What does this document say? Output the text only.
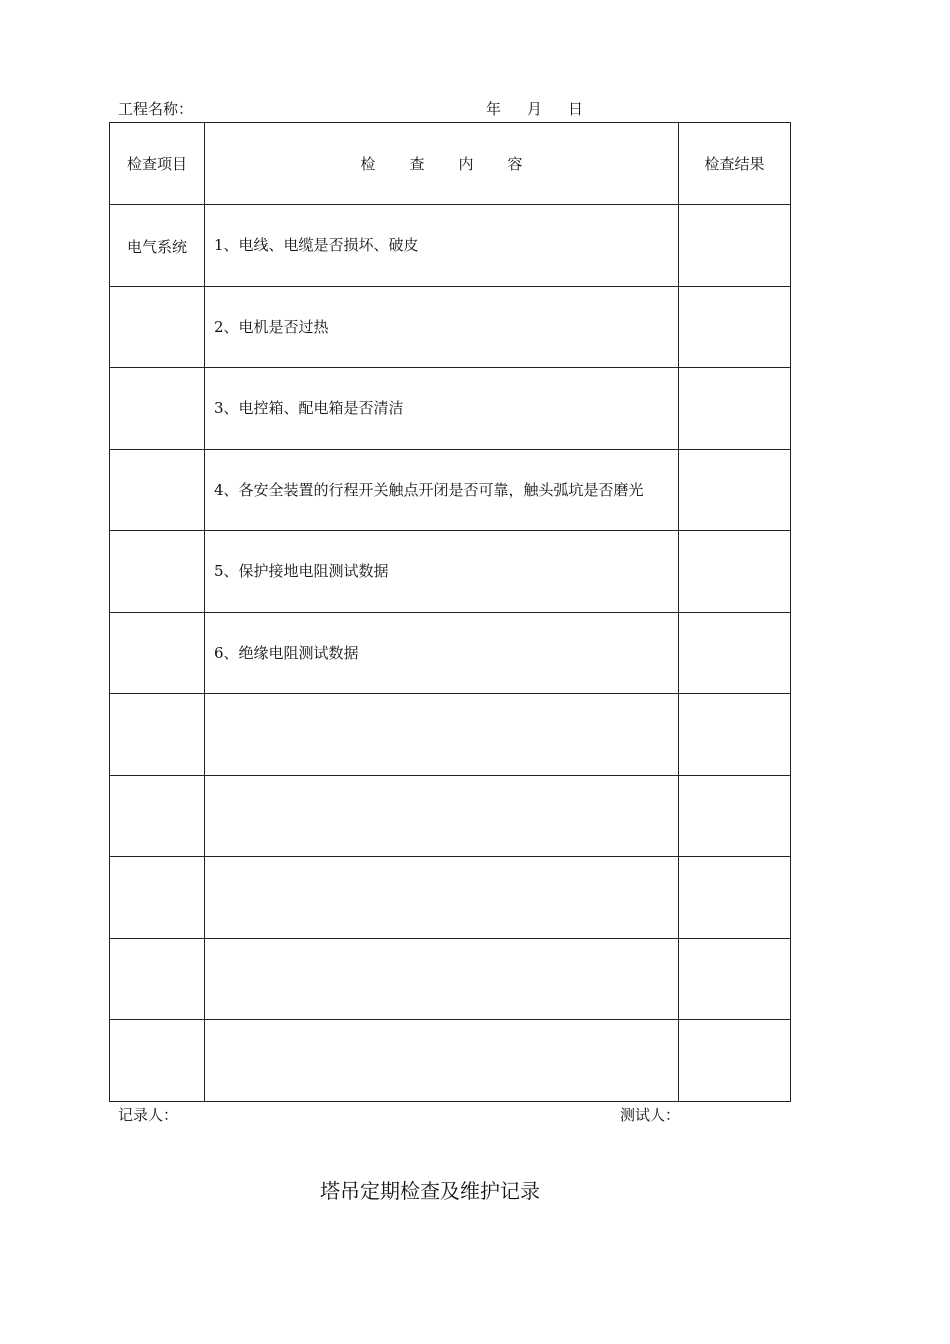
工程名称：	年 月 日
检查项目	检 查 内 容	检查结果
电气系统	1、电线、电缆是否损坏、破皮	
	2、电机是否过热	
	3、电控箱、配电箱是否清洁	
	4、各安全装置的行程开关触点开闭是否可靠，触头弧坑是否磨光	
	5、保护接地电阻测试数据	
	6、绝缘电阻测试数据	

记录人：	测试人：
塔吊定期检查及维护记录
